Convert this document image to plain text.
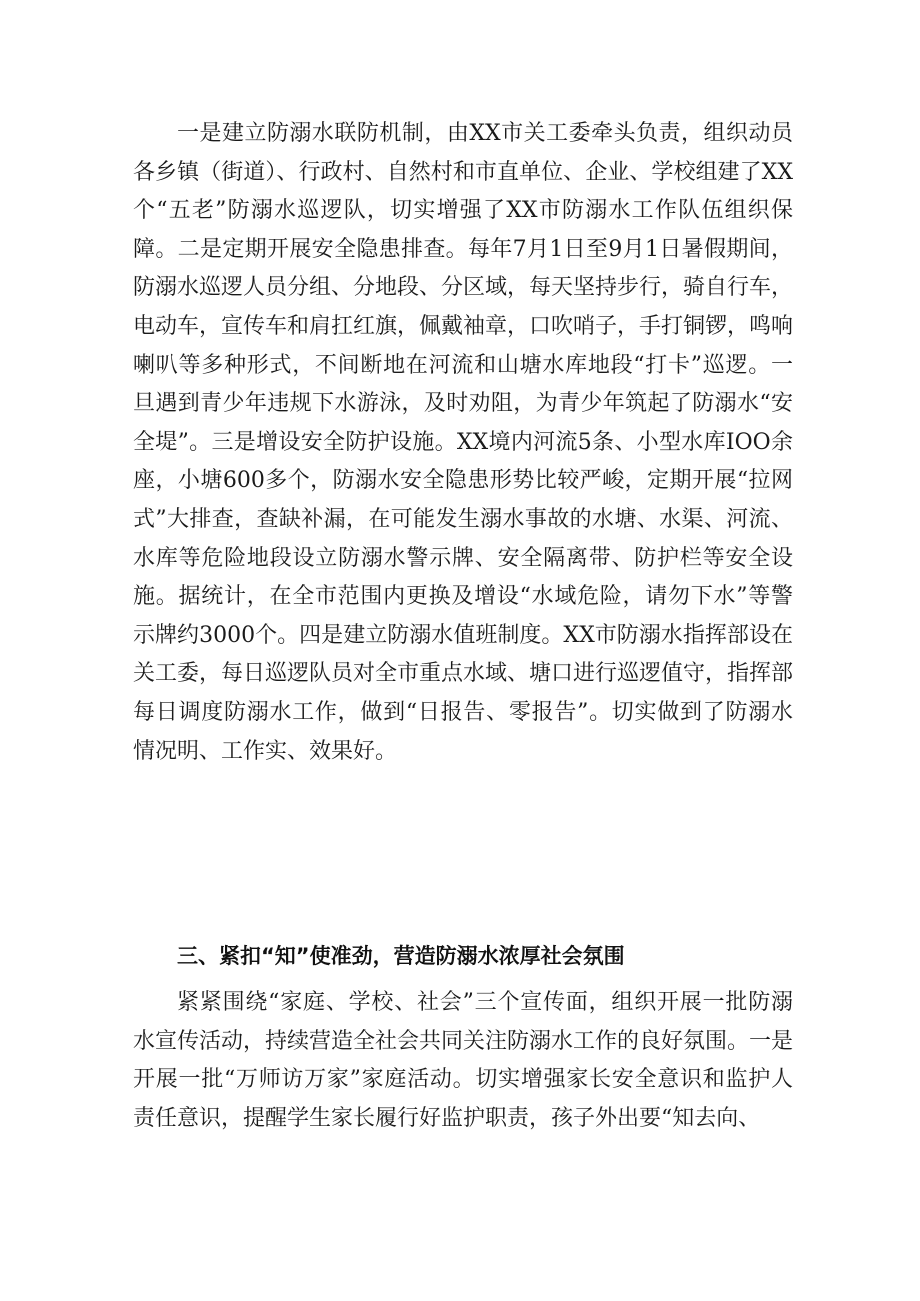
一是建立防溺水联防机制，由XX市关工委牵头负责，组织动员各乡镇（街道）、行政村、自然村和市直单位、企业、学校组建了XX个“五老”防溺水巡逻队，切实增强了XX市防溺水工作队伍组织保障。二是定期开展安全隐患排查。每年7月1日至9月1日暑假期间，防溺水巡逻人员分组、分地段、分区域，每天坚持步行，骑自行车，电动车，宣传车和肩扛红旗，佩戴袖章，口吹哨子，手打铜锣，鸣响喇叭等多种形式，不间断地在河流和山塘水库地段“打卡”巡逻。一旦遇到青少年违规下水游泳，及时劝阻，为青少年筑起了防溺水“安全堤”。三是增设安全防护设施。XX境内河流5条、小型水库IOO余座，小塘600多个，防溺水安全隐患形势比较严峻，定期开展“拉网式”大排查，查缺补漏，在可能发生溺水事故的水塘、水渠、河流、水库等危险地段设立防溺水警示牌、安全隔离带、防护栏等安全设施。据统计，在全市范围内更换及增设“水域危险，请勿下水”等警示牌约3000个。四是建立防溺水值班制度。XX市防溺水指挥部设在关工委，每日巡逻队员对全市重点水域、塘口进行巡逻值守，指挥部每日调度防溺水工作，做到“日报告、零报告”。切实做到了防溺水情况明、工作实、效果好。

三、紧扣“知”使准劲，营造防溺水浓厚社会氛围

紧紧围绕“家庭、学校、社会”三个宣传面，组织开展一批防溺水宣传活动，持续营造全社会共同关注防溺水工作的良好氛围。一是开展一批“万师访万家”家庭活动。切实增强家长安全意识和监护人责任意识，提醒学生家长履行好监护职责，孩子外出要“知去向、
